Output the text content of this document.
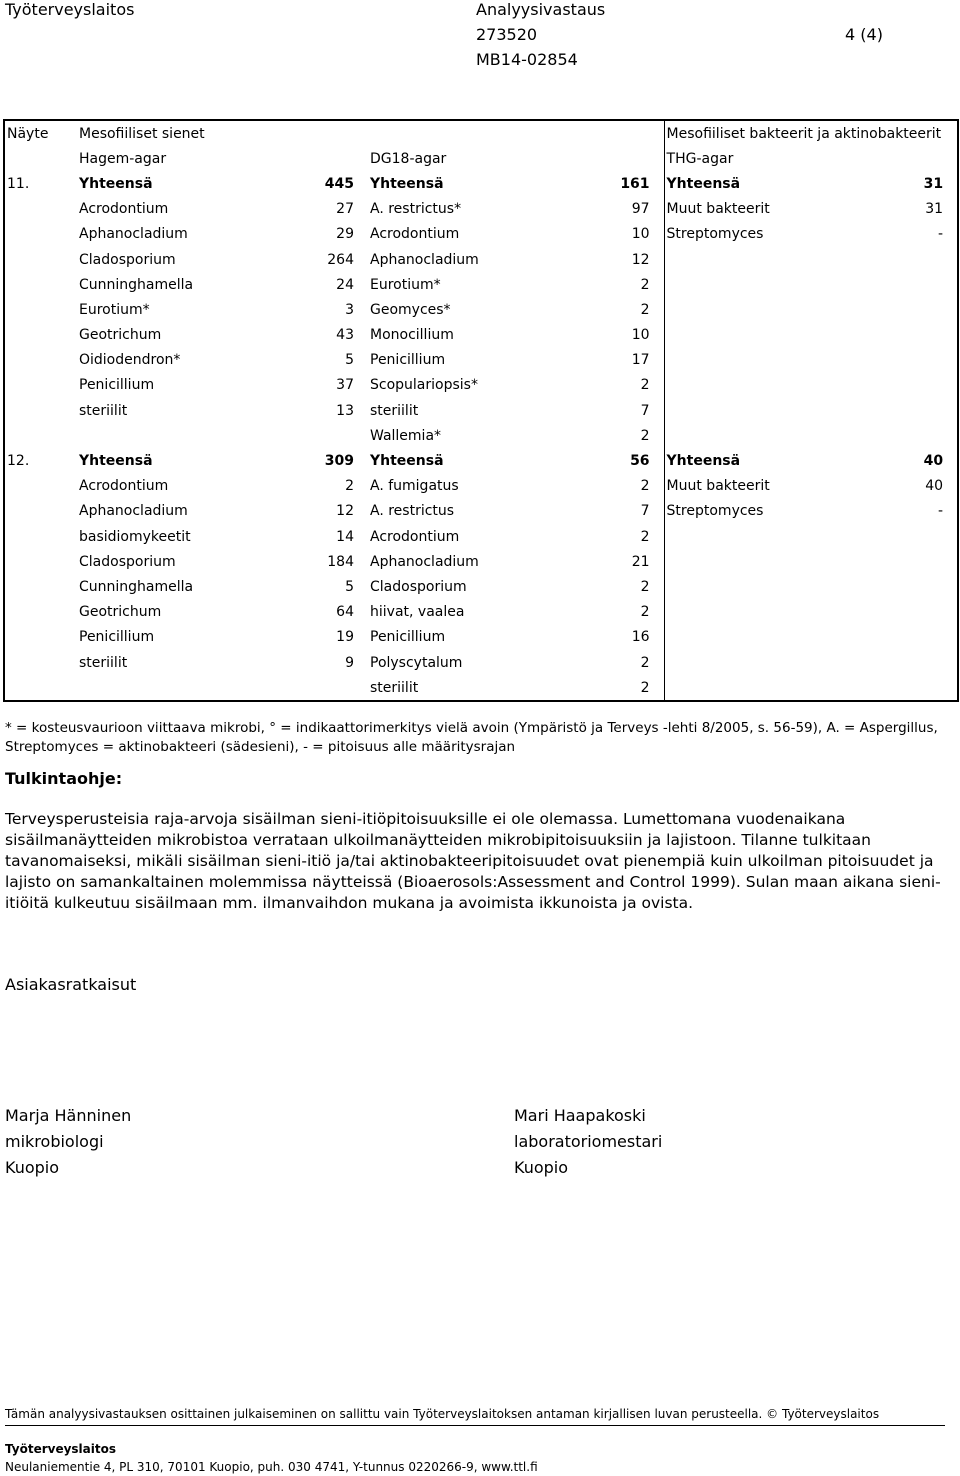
Työterveyslaitos	Analyysivastaus
273520	4 (4)
MB14-02854
Näyte	Mesofiiliset sienet				Mesofiiliset bakteerit ja aktinobakteerit	
	Hagem-agar		DG18-agar		THG-agar	
11.	Yhteensä	445	Yhteensä	161	Yhteensä	31
	Acrodontium	27	A. restrictus*	97	Muut bakteerit	31
	Aphanocladium	29	Acrodontium	10	Streptomyces	-
	Cladosporium	264	Aphanocladium	12		
	Cunninghamella	24	Eurotium*	2		
	Eurotium*	3	Geomyces*	2		
	Geotrichum	43	Monocillium	10		
	Oidiodendron*	5	Penicillium	17		
	Penicillium	37	Scopulariopsis*	2		
	steriilit	13	steriilit	7		
			Wallemia*	2		
12.	Yhteensä	309	Yhteensä	56	Yhteensä	40
	Acrodontium	2	A. fumigatus	2	Muut bakteerit	40
	Aphanocladium	12	A. restrictus	7	Streptomyces	-
	basidiomykeetit	14	Acrodontium	2		
	Cladosporium	184	Aphanocladium	21		
	Cunninghamella	5	Cladosporium	2		
	Geotrichum	64	hiivat, vaalea	2		
	Penicillium	19	Penicillium	16		
	steriilit	9	Polyscytalum	2		
			steriilit	2		
* = kosteusvaurioon viittaava mikrobi, ° = indikaattorimerkitys vielä avoin (Ympäristö ja Terveys -lehti 8/2005, s. 56-59), A. = Aspergillus, Streptomyces = aktinobakteeri (sädesieni), - = pitoisuus alle määritysrajan
Tulkintaohje:
Terveysperusteisia raja-arvoja sisäilman sieni-itiöpitoisuuksille ei ole olemassa. Lumettomana vuodenaikana sisäilmanäytteiden mikrobistoa verrataan ulkoilmanäytteiden mikrobipitoisuuksiin ja lajistoon. Tilanne tulkitaan tavanomaiseksi, mikäli sisäilman sieni-itiö ja/tai aktinobakteeripitoisuudet ovat pienempiä kuin ulkoilman pitoisuudet ja lajisto on samankaltainen molemmissa näytteissä (Bioaerosols:Assessment and Control 1999). Sulan maan aikana sieni-itiöitä kulkeutuu sisäilmaan mm. ilmanvaihdon mukana ja avoimista ikkunoista ja ovista.
Asiakasratkaisut
Marja Hänninen
mikrobiologi
Kuopio
Mari Haapakoski
laboratoriomestari
Kuopio
Tämän analyysivastauksen osittainen julkaiseminen on sallittu vain Työterveyslaitoksen antaman kirjallisen luvan perusteella. © Työterveyslaitos
Työterveyslaitos
Neulaniementie 4, PL 310, 70101 Kuopio, puh. 030 4741, Y-tunnus 0220266-9, www.ttl.fi
